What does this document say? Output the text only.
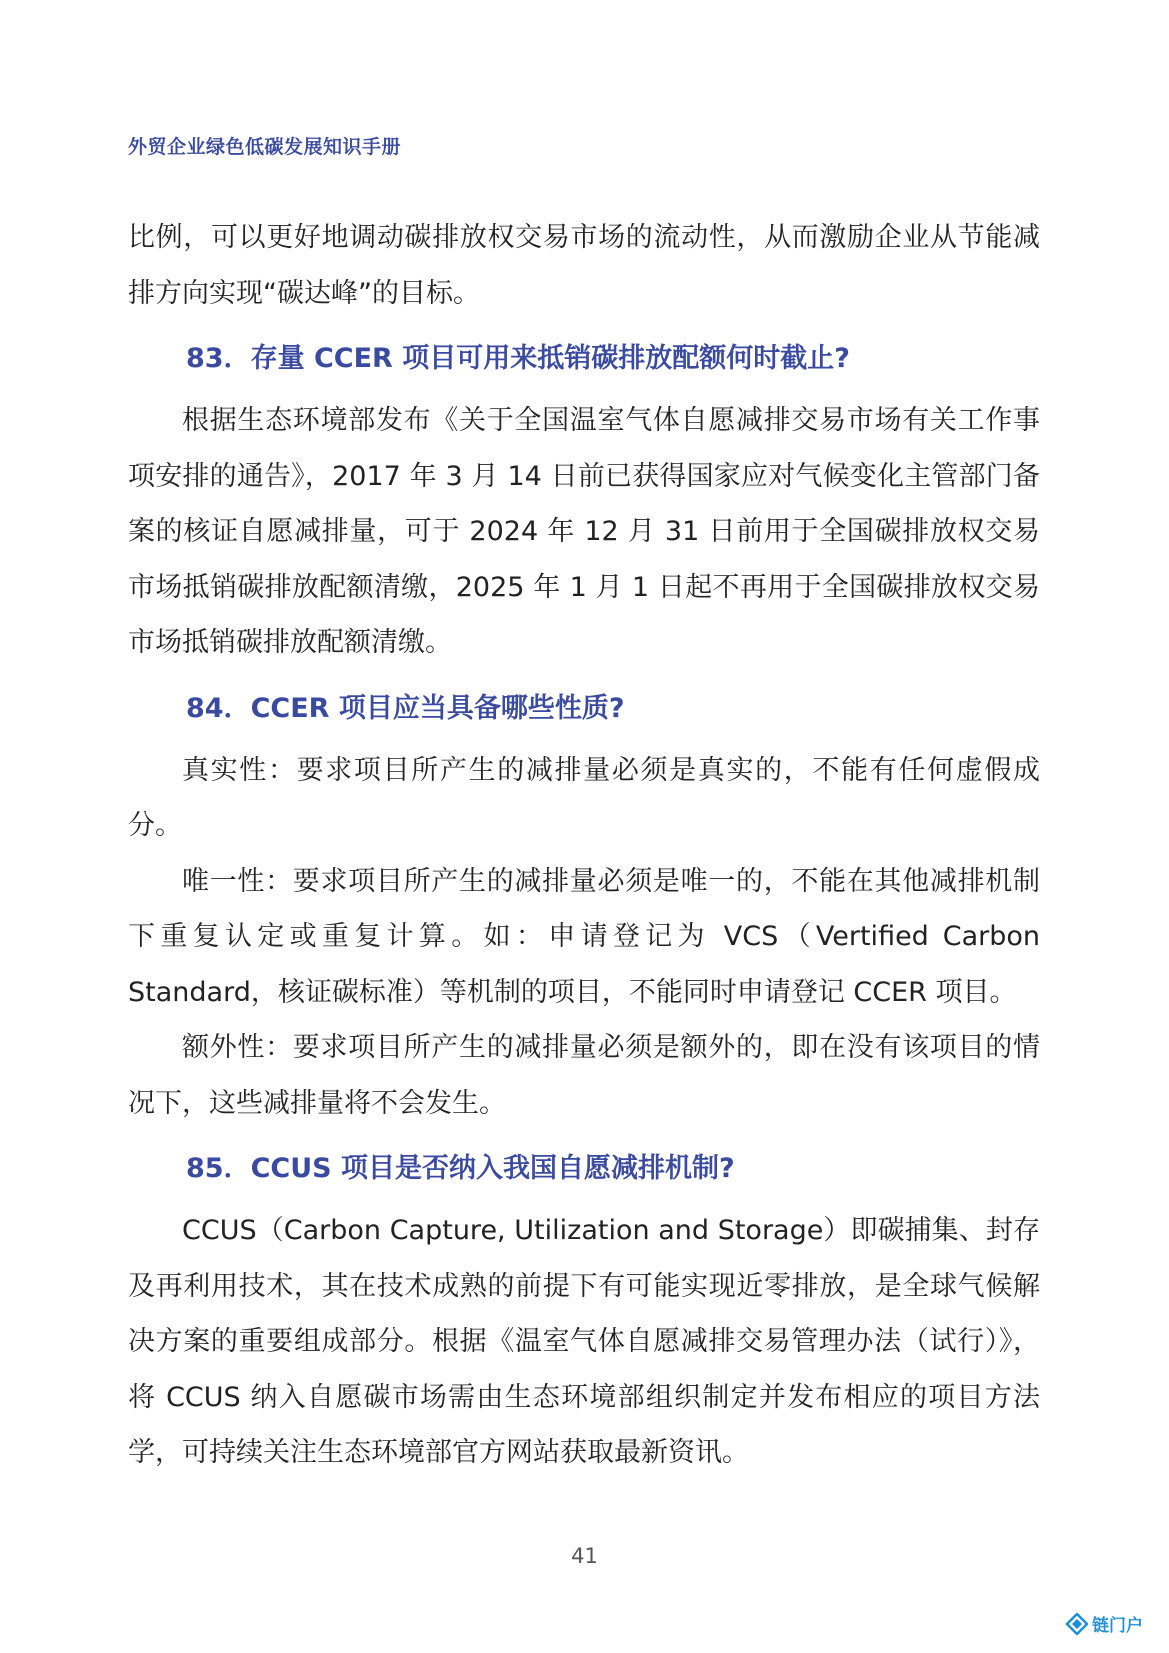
外贸企业绿色低碳发展知识手册

比例，可以更好地调动碳排放权交易市场的流动性，从而激励企业从节能减排方向实现“碳达峰”的目标。

83．存量 CCER 项目可用来抵销碳排放配额何时截止?

根据生态环境部发布《关于全国温室气体自愿减排交易市场有关工作事项安排的通告》，2017 年 3 月 14 日前已获得国家应对气候变化主管部门备案的核证自愿减排量，可于 2024 年 12 月 31 日前用于全国碳排放权交易市场抵销碳排放配额清缴，2025 年 1 月 1 日起不再用于全国碳排放权交易市场抵销碳排放配额清缴。

84．CCER 项目应当具备哪些性质?

真实性：要求项目所产生的减排量必须是真实的，不能有任何虚假成分。

唯一性：要求项目所产生的减排量必须是唯一的，不能在其他减排机制下重复认定或重复计算。如：申请登记为 VCS（Vertified Carbon Standard，核证碳标准）等机制的项目，不能同时申请登记 CCER 项目。

额外性：要求项目所产生的减排量必须是额外的，即在没有该项目的情况下，这些减排量将不会发生。

85．CCUS 项目是否纳入我国自愿减排机制?

CCUS（Carbon Capture, Utilization and Storage）即碳捕集、封存及再利用技术，其在技术成熟的前提下有可能实现近零排放，是全球气候解决方案的重要组成部分。根据《温室气体自愿减排交易管理办法（试行）》，将 CCUS 纳入自愿碳市场需由生态环境部组织制定并发布相应的项目方法学，可持续关注生态环境部官方网站获取最新资讯。

41
链门户
